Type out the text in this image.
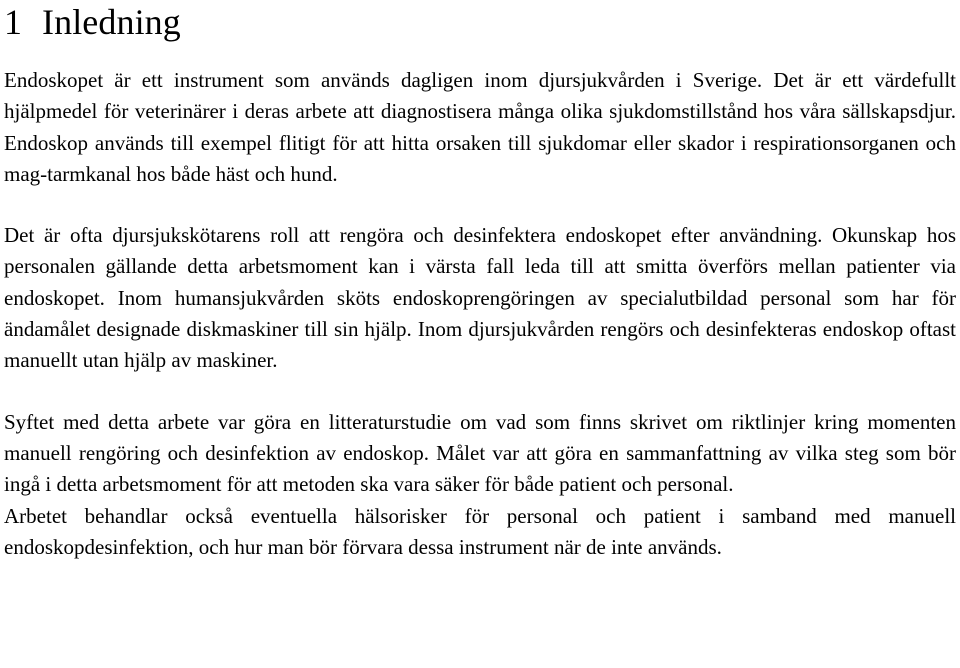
1 Inledning

Endoskopet är ett instrument som används dagligen inom djursjukvården i Sverige. Det är ett värdefullt hjälpmedel för veterinärer i deras arbete att diagnostisera många olika sjukdomstillstånd hos våra sällskapsdjur. Endoskop används till exempel flitigt för att hitta orsaken till sjukdomar eller skador i respirationsorganen och mag-tarmkanal hos både häst och hund.

Det är ofta djursjukskötarens roll att rengöra och desinfektera endoskopet efter användning. Okunskap hos personalen gällande detta arbetsmoment kan i värsta fall leda till att smitta överförs mellan patienter via endoskopet. Inom humansjukvården sköts endoskoprengöringen av specialutbildad personal som har för ändamålet designade diskmaskiner till sin hjälp. Inom djursjukvården rengörs och desinfekteras endoskop oftast manuellt utan hjälp av maskiner.

Syftet med detta arbete var göra en litteraturstudie om vad som finns skrivet om riktlinjer kring momenten manuell rengöring och desinfektion av endoskop. Målet var att göra en sammanfattning av vilka steg som bör ingå i detta arbetsmoment för att metoden ska vara säker för både patient och personal.

Arbetet behandlar också eventuella hälsorisker för personal och patient i samband med manuell endoskopdesinfektion, och hur man bör förvara dessa instrument när de inte används.
